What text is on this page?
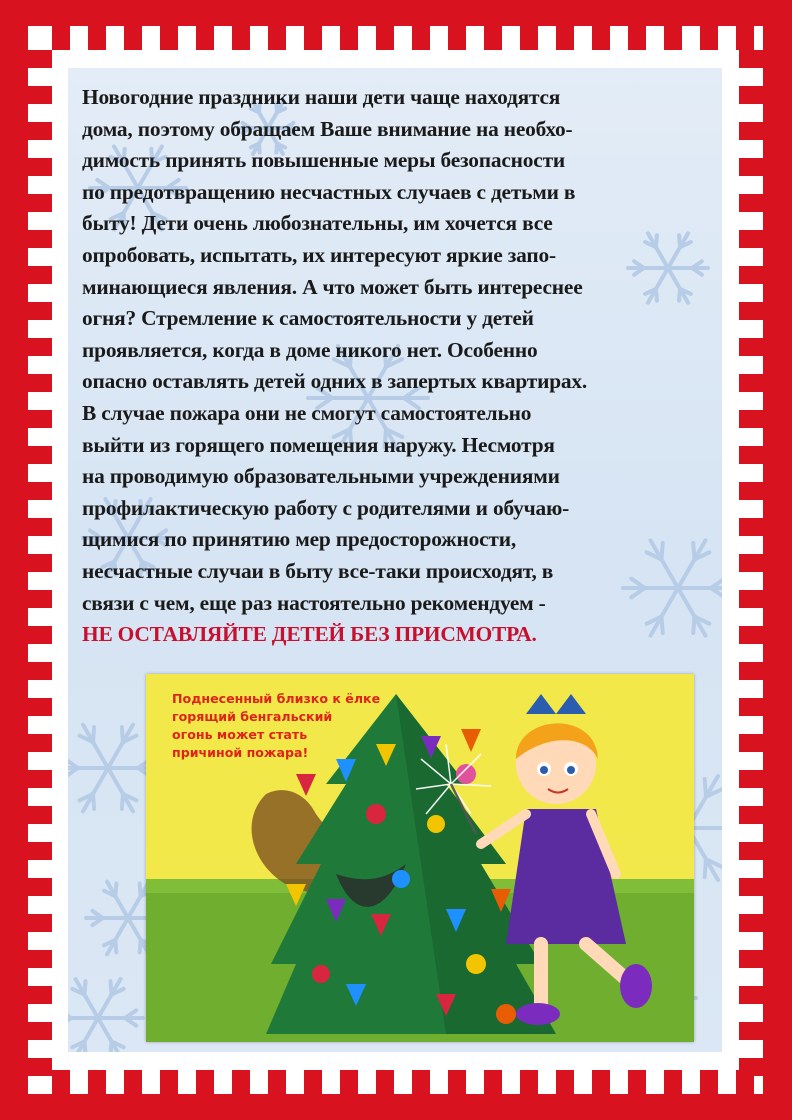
Новогодние праздники наши дети чаще находятся
дома, поэтому обращаем Ваше внимание на необхо-
димость принять повышенные меры безопасности
по предотвращению несчастных случаев с детьми в
быту! Дети очень любознательны, им хочется все
опробовать, испытать, их интересуют яркие запо-
минающиеся явления. А что может быть интереснее
огня? Стремление к самостоятельности у детей
проявляется, когда в доме никого нет. Особенно
опасно оставлять детей одних в запертых квартирах.
В случае пожара они не смогут самостоятельно
выйти из горящего помещения наружу. Несмотря
на проводимую образовательными учреждениями
профилактическую работу с родителями и обучаю-
щимися по принятию мер предосторожности,
несчастные случаи в быту все-таки происходят, в
связи с чем, еще раз настоятельно рекомендуем -
НЕ ОСТАВЛЯЙТЕ ДЕТЕЙ БЕЗ ПРИСМОТРА.
Поднесенный близко к ёлке
горящий бенгальский
огонь может стать
причиной пожара!
